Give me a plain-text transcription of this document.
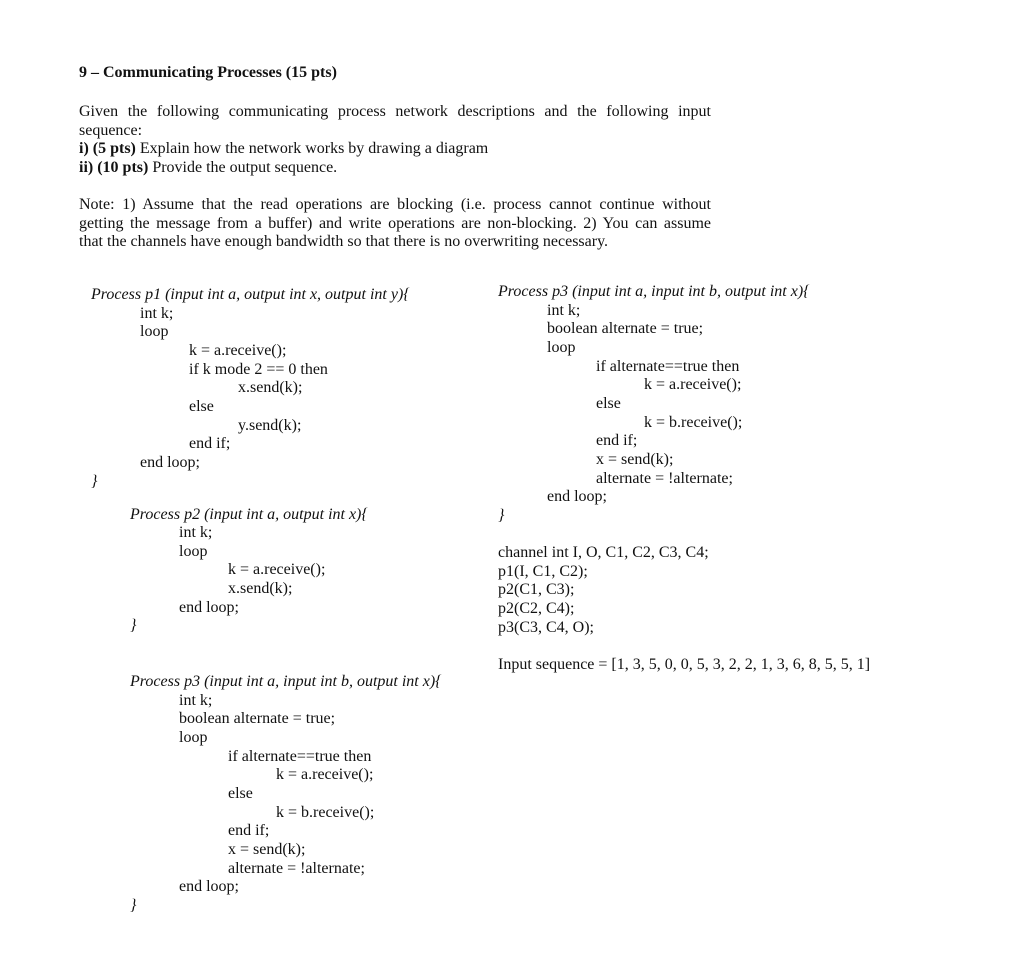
9 – Communicating Processes (15 pts)
Given the following communicating process network descriptions and the following input
sequence:
i) (5 pts) Explain how the network works by drawing a diagram
ii) (10 pts) Provide the output sequence.
Note: 1) Assume that the read operations are blocking (i.e. process cannot continue without
getting the message from a buffer) and write operations are non-blocking. 2) You can assume
that the channels have enough bandwidth so that there is no overwriting necessary.
Process p1 (input int a, output int x, output int y){
int k;
loop
k = a.receive();
if k mode 2 == 0 then
x.send(k);
else
y.send(k);
end if;
end loop;
}
Process p2 (input int a, output int x){
int k;
loop
k = a.receive();
x.send(k);
end loop;
}
Process p3 (input int a, input int b, output int x){
int k;
boolean alternate = true;
loop
if alternate==true then
k = a.receive();
else
k = b.receive();
end if;
x = send(k);
alternate = !alternate;
end loop;
}
Process p3 (input int a, input int b, output int x){
int k;
boolean alternate = true;
loop
if alternate==true then
k = a.receive();
else
k = b.receive();
end if;
x = send(k);
alternate = !alternate;
end loop;
}
channel int I, O, C1, C2, C3, C4;
p1(I, C1, C2);
p2(C1, C3);
p2(C2, C4);
p3(C3, C4, O);
Input sequence = [1, 3, 5, 0, 0, 5, 3, 2, 2, 1, 3, 6, 8, 5, 5, 1]
